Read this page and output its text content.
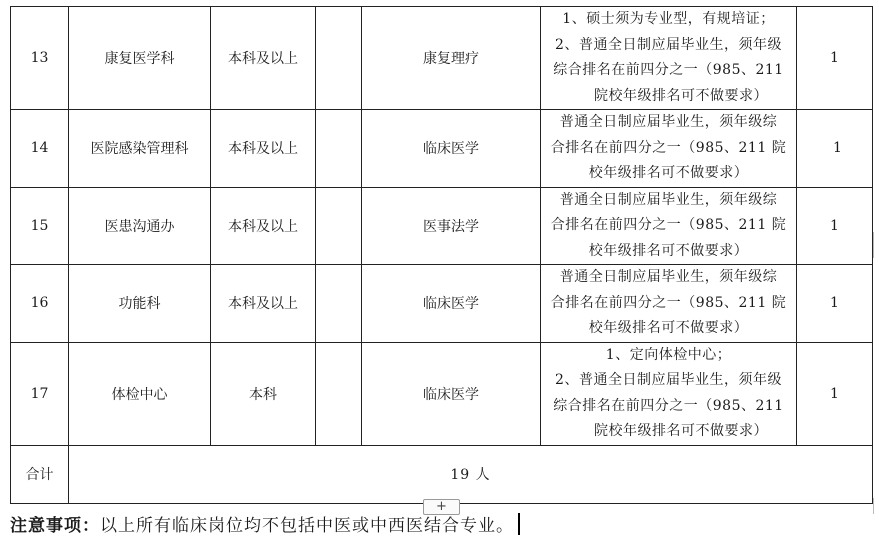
13	康复医学科	本科及以上		康复理疗	1、硕士须为专业型，有规培证；
2、普通全日制应届毕业生，须年级
综合排名在前四分之一（985、211
院校年级排名可不做要求）	1
14	医院感染管理科	本科及以上		临床医学	普通全日制应届毕业生，须年级综
合排名在前四分之一（985、211 院
校年级排名可不做要求）	1
15	医患沟通办	本科及以上		医事法学	普通全日制应届毕业生，须年级综
合排名在前四分之一（985、211 院
校年级排名可不做要求）	1
16	功能科	本科及以上		临床医学	普通全日制应届毕业生，须年级综
合排名在前四分之一（985、211 院
校年级排名可不做要求）	1
17	体检中心	本科		临床医学	1、定向体检中心；
2、普通全日制应届毕业生，须年级
综合排名在前四分之一（985、211
院校年级排名可不做要求）	1
合计	19 人					
+
注意事项：以上所有临床岗位均不包括中医或中西医结合专业。
